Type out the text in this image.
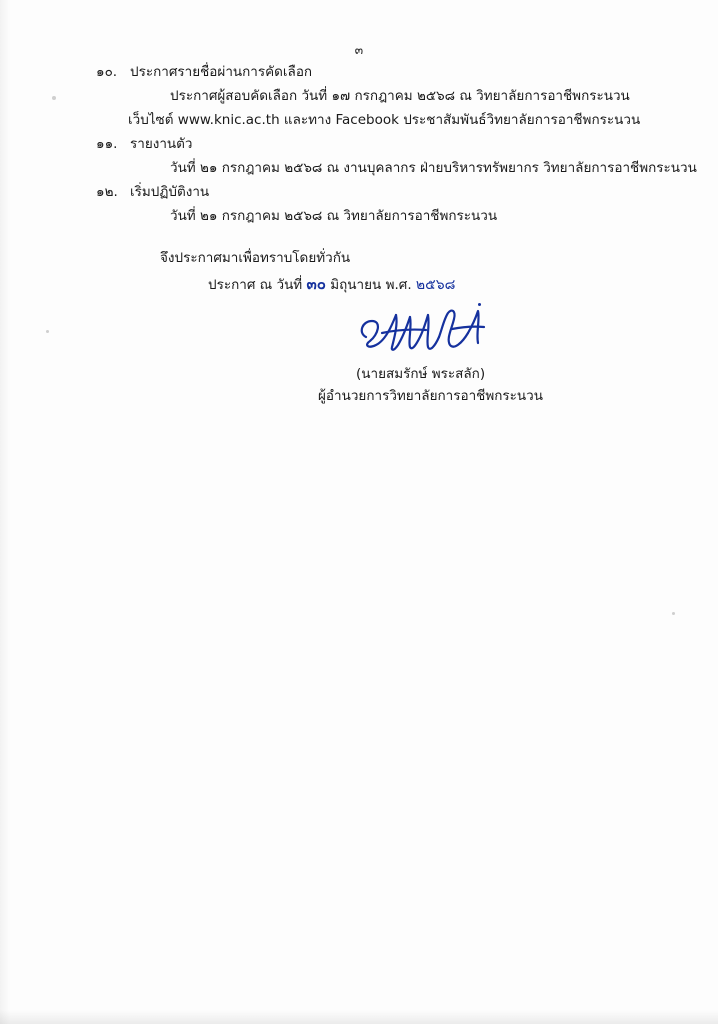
๓
๑๐. ประกาศรายชื่อผ่านการคัดเลือก
ประกาศผู้สอบคัดเลือก วันที่ ๑๗ กรกฎาคม ๒๕๖๘ ณ วิทยาลัยการอาชีพกระนวน
เว็บไซต์ www.knic.ac.th และทาง Facebook ประชาสัมพันธ์วิทยาลัยการอาชีพกระนวน
๑๑. รายงานตัว
วันที่ ๒๑ กรกฎาคม ๒๕๖๘ ณ งานบุคลากร ฝ่ายบริหารทรัพยากร วิทยาลัยการอาชีพกระนวน
๑๒. เริ่มปฏิบัติงาน
วันที่ ๒๑ กรกฎาคม ๒๕๖๘ ณ วิทยาลัยการอาชีพกระนวน
จึงประกาศมาเพื่อทราบโดยทั่วกัน
ประกาศ ณ วันที่ ๓๐ มิถุนายน พ.ศ. ๒๕๖๘
(นายสมรักษ์ พระสลัก)
ผู้อำนวยการวิทยาลัยการอาชีพกระนวน
